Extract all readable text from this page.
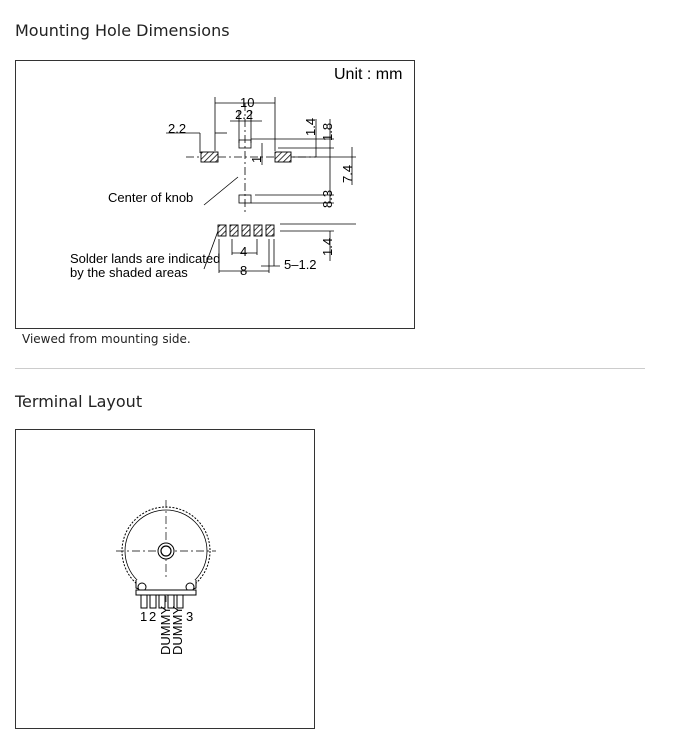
Mounting Hole Dimensions
Unit : mm
10
2.2
2.2	1.4 1.8
1
7.4
8.3
1.4
4
8	5–1.2
Center of knob
Solder lands are indicated
by the shaded areas
Viewed from mounting side.
Terminal Layout
1 2 3
DUMMY
DUMMY
